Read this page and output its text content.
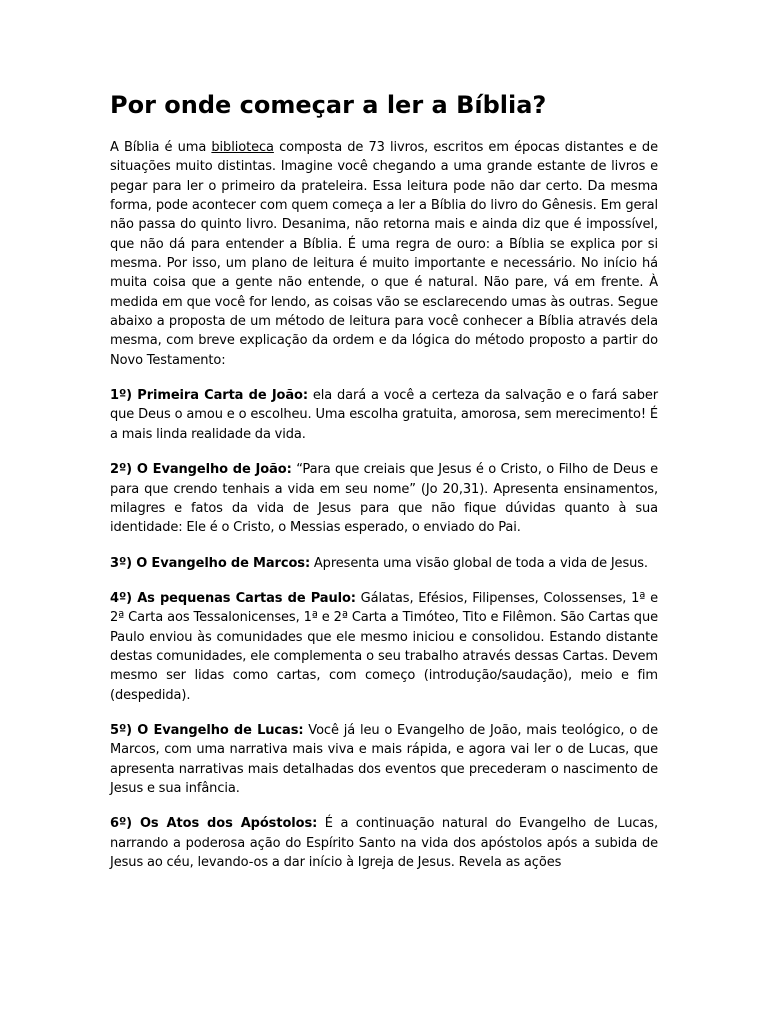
Por onde começar a ler a Bíblia?

A Bíblia é uma biblioteca composta de 73 livros, escritos em épocas distantes e de situações muito distintas. Imagine você chegando a uma grande estante de livros e pegar para ler o primeiro da prateleira. Essa leitura pode não dar certo. Da mesma forma, pode acontecer com quem começa a ler a Bíblia do livro do Gênesis. Em geral não passa do quinto livro. Desanima, não retorna mais e ainda diz que é impossível, que não dá para entender a Bíblia. É uma regra de ouro: a Bíblia se explica por si mesma. Por isso, um plano de leitura é muito importante e necessário. No início há muita coisa que a gente não entende, o que é natural. Não pare, vá em frente. À medida em que você for lendo, as coisas vão se esclarecendo umas às outras. Segue abaixo a proposta de um método de leitura para você conhecer a Bíblia através dela mesma, com breve explicação da ordem e da lógica do método proposto a partir do Novo Testamento:

1º) Primeira Carta de João: ela dará a você a certeza da salvação e o fará saber que Deus o amou e o escolheu. Uma escolha gratuita, amorosa, sem merecimento! É a mais linda realidade da vida.

2º) O Evangelho de João: “Para que creiais que Jesus é o Cristo, o Filho de Deus e para que crendo tenhais a vida em seu nome” (Jo 20,31). Apresenta ensinamentos, milagres e fatos da vida de Jesus para que não fique dúvidas quanto à sua identidade: Ele é o Cristo, o Messias esperado, o enviado do Pai.

3º) O Evangelho de Marcos: Apresenta uma visão global de toda a vida de Jesus.

4º) As pequenas Cartas de Paulo: Gálatas, Efésios, Filipenses, Colossenses, 1ª e 2ª Carta aos Tessalonicenses, 1ª e 2ª Carta a Timóteo, Tito e Filêmon. São Cartas que Paulo enviou às comunidades que ele mesmo iniciou e consolidou. Estando distante destas comunidades, ele complementa o seu trabalho através dessas Cartas. Devem mesmo ser lidas como cartas, com começo (introdução/saudação), meio e fim (despedida).

5º) O Evangelho de Lucas: Você já leu o Evangelho de João, mais teológico, o de Marcos, com uma narrativa mais viva e mais rápida, e agora vai ler o de Lucas, que apresenta narrativas mais detalhadas dos eventos que precederam o nascimento de Jesus e sua infância.

6º) Os Atos dos Apóstolos: É a continuação natural do Evangelho de Lucas, narrando a poderosa ação do Espírito Santo na vida dos apóstolos após a subida de Jesus ao céu, levando-os a dar início à Igreja de Jesus. Revela as ações
